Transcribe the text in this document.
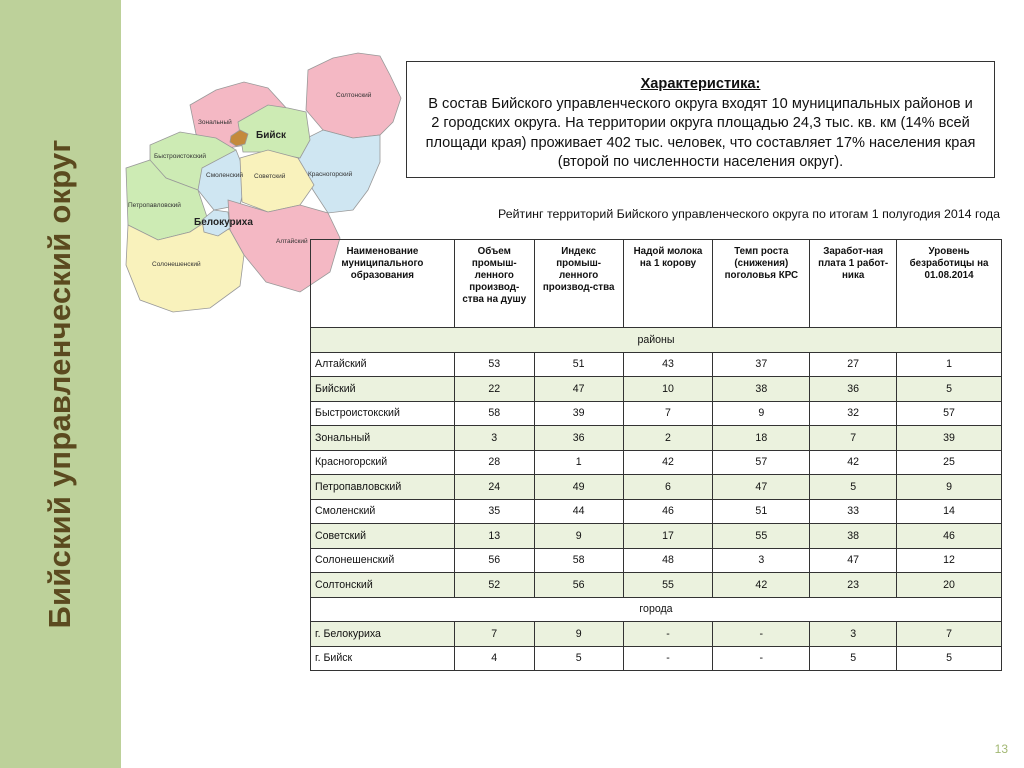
Бийский управленческий округ
Солтонский
Зональный
Бийск
Быстроистокский
Смоленский Советский	Красногорский
Петропавловский
Белокуриха
Алтайский
Солонешенский
Характеристика:
В состав Бийского управленческого округа входят 10 муниципальных районов и 2 городских округа. На территории округа площадью 24,3 тыс. кв. км (14% всей площади края) проживает 402 тыс. человек, что составляет 17% населения края (второй по численности населения округ).
Рейтинг территорий Бийского управленческого округа по итогам 1 полугодия 2014 года
Наименование муниципального образования	Объем промыш-ленного производ-ства на душу	Индекс промыш-ленного производ-ства	Надой молока на 1 корову	Темп роста (снижения) поголовья КРС	Заработ-ная плата 1 работ-ника	Уровень безработицы на 01.08.2014
районы						
Алтайский	53	51	43	37	27	1
Бийский	22	47	10	38	36	5
Быстроистокский	58	39	7	9	32	57
Зональный	3	36	2	18	7	39
Красногорский	28	1	42	57	42	25
Петропавловский	24	49	6	47	5	9
Смоленский	35	44	46	51	33	14
Советский	13	9	17	55	38	46
Солонешенский	56	58	48	3	47	12
Солтонский	52	56	55	42	23	20
города						
г. Белокуриха	7	9	-	-	3	7
г. Бийск	4	5	-	-	5	5
13
